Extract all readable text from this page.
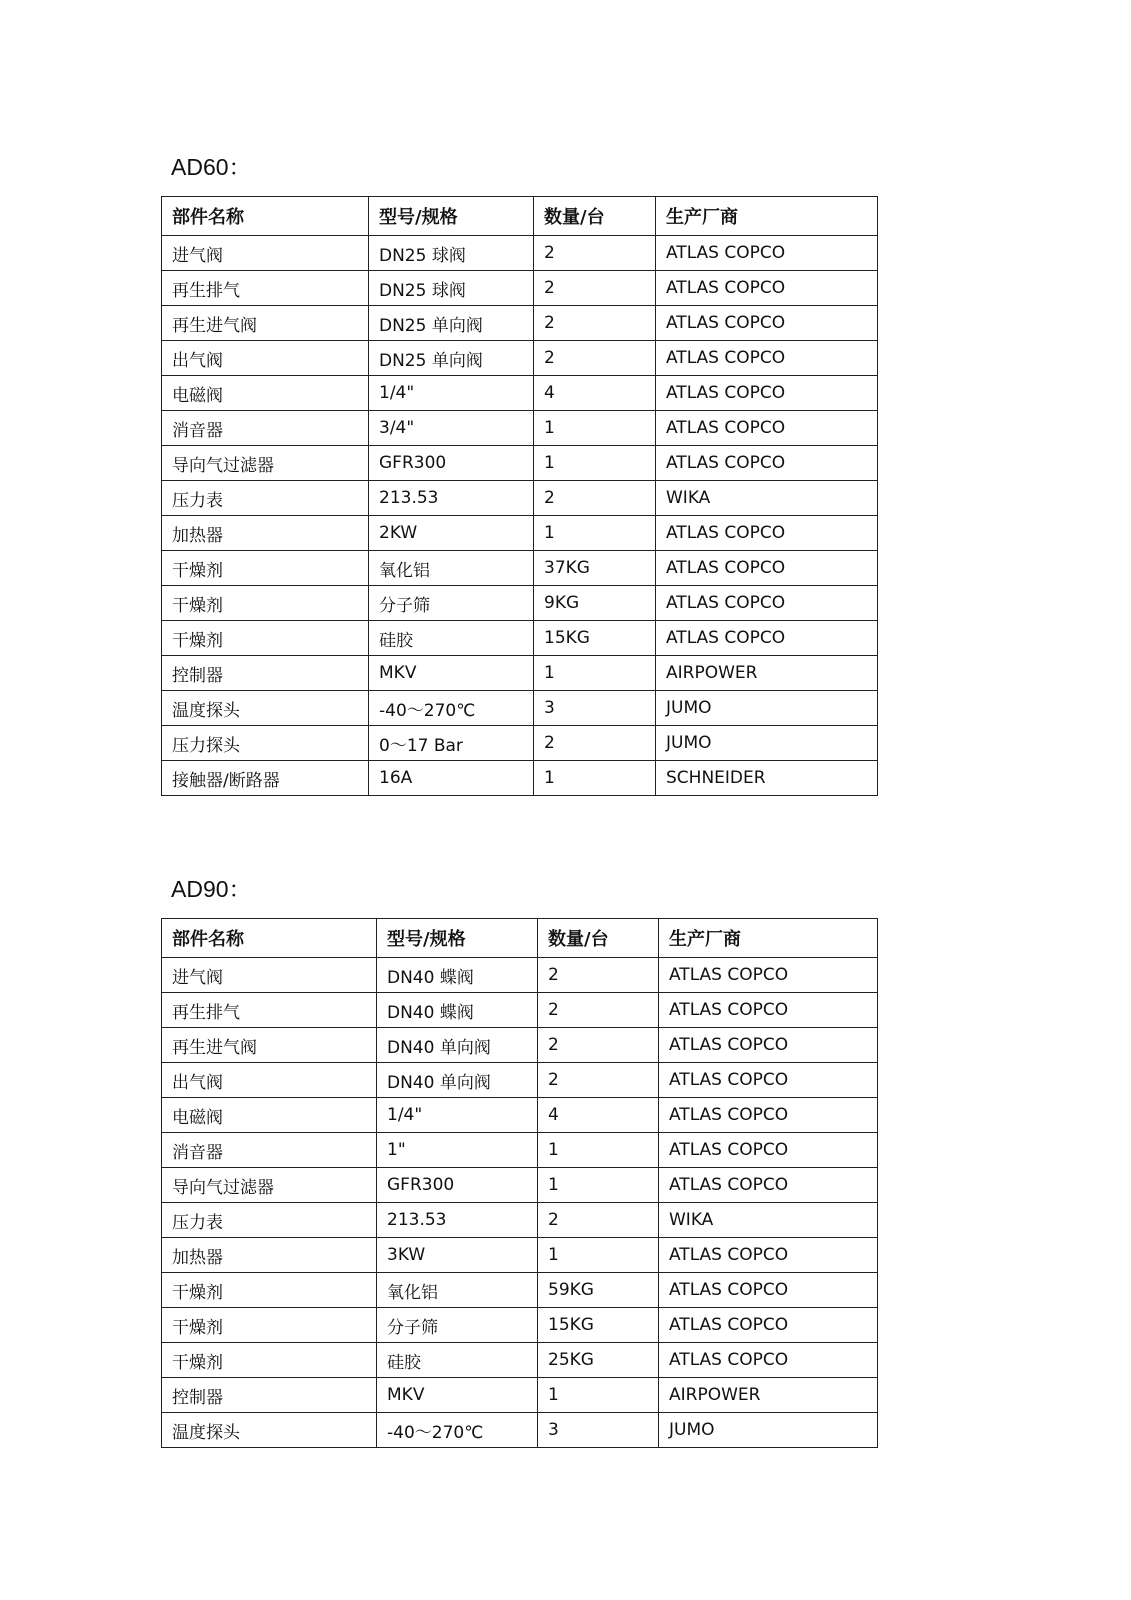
AD60：
部件名称	型号/规格	数量/台	生产厂商
进气阀	DN25 球阀	2	ATLAS COPCO
再生排气	DN25 球阀	2	ATLAS COPCO
再生进气阀	DN25 单向阀	2	ATLAS COPCO
出气阀	DN25 单向阀	2	ATLAS COPCO
电磁阀	1/4"	4	ATLAS COPCO
消音器	3/4"	1	ATLAS COPCO
导向气过滤器	GFR300	1	ATLAS COPCO
压力表	213.53	2	WIKA
加热器	2KW	1	ATLAS COPCO
干燥剂	氧化铝	37KG	ATLAS COPCO
干燥剂	分子筛	9KG	ATLAS COPCO
干燥剂	硅胶	15KG	ATLAS COPCO
控制器	MKV	1	AIRPOWER
温度探头	-40～270℃	3	JUMO
压力探头	0～17 Bar	2	JUMO
接触器/断路器	16A	1	SCHNEIDER
AD90：
部件名称	型号/规格	数量/台	生产厂商
进气阀	DN40 蝶阀	2	ATLAS COPCO
再生排气	DN40 蝶阀	2	ATLAS COPCO
再生进气阀	DN40 单向阀	2	ATLAS COPCO
出气阀	DN40 单向阀	2	ATLAS COPCO
电磁阀	1/4"	4	ATLAS COPCO
消音器	1"	1	ATLAS COPCO
导向气过滤器	GFR300	1	ATLAS COPCO
压力表	213.53	2	WIKA
加热器	3KW	1	ATLAS COPCO
干燥剂	氧化铝	59KG	ATLAS COPCO
干燥剂	分子筛	15KG	ATLAS COPCO
干燥剂	硅胶	25KG	ATLAS COPCO
控制器	MKV	1	AIRPOWER
温度探头	-40～270℃	3	JUMO
